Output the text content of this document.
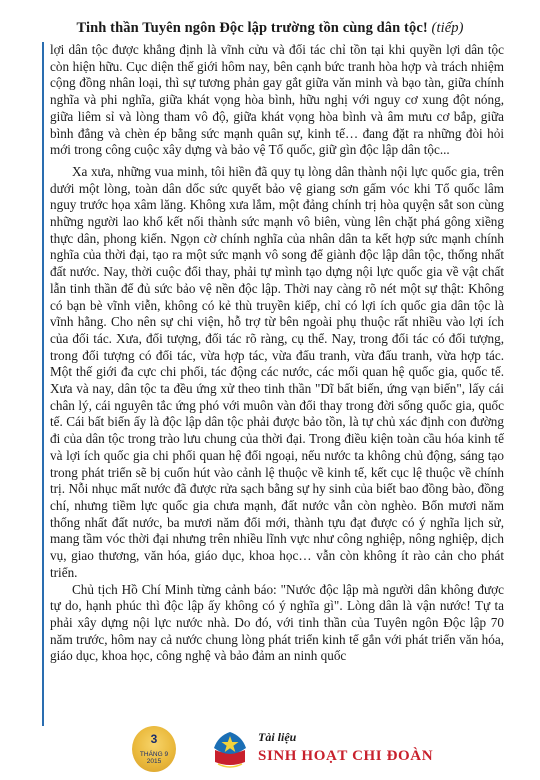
Tinh thần Tuyên ngôn Độc lập trường tồn cùng dân tộc! (tiếp)

lợi dân tộc được khẳng định là vĩnh cửu và đối tác chỉ tồn tại khi quyền lợi dân tộc còn hiện hữu. Cục diện thế giới hôm nay, bên cạnh bức tranh hòa hợp và trách nhiệm cộng đồng nhân loại, thì sự tương phản gay gắt giữa văn minh và bạo tàn, giữa chính nghĩa và phi nghĩa, giữa khát vọng hòa bình, hữu nghị với nguy cơ xung đột nóng, giữa liêm sỉ và lòng tham vô độ, giữa khát vọng hòa bình và âm mưu cơ bắp, giữa bình đẳng và chèn ép bằng sức mạnh quân sự, kinh tế… đang đặt ra những đòi hỏi mới trong công cuộc xây dựng và bảo vệ Tổ quốc, giữ gìn độc lập dân tộc...

Xa xưa, những vua minh, tôi hiền đã quy tụ lòng dân thành nội lực quốc gia, trên dưới một lòng, toàn dân dốc sức quyết bảo vệ giang sơn gấm vóc khi Tổ quốc lâm nguy trước họa xâm lăng. Không xưa lắm, một đảng chính trị hòa quyện sắt son cùng những người lao khổ kết nối thành sức mạnh vô biên, vùng lên chặt phá gông xiềng thực dân, phong kiến. Ngọn cờ chính nghĩa của nhân dân ta kết hợp sức mạnh chính nghĩa của thời đại, tạo ra một sức mạnh vô song để giành độc lập dân tộc, thống nhất đất nước. Nay, thời cuộc đổi thay, phải tự mình tạo dựng nội lực quốc gia về vật chất lẫn tinh thần để đủ sức bảo vệ nền độc lập. Thời nay càng rõ nét một sự thật: Không có bạn bè vĩnh viễn, không có kẻ thù truyền kiếp, chỉ có lợi ích quốc gia dân tộc là vĩnh hằng. Cho nên sự chi viện, hỗ trợ từ bên ngoài phụ thuộc rất nhiều vào lợi ích của đối tác. Xưa, đối tượng, đối tác rõ ràng, cụ thể. Nay, trong đối tác có đối tượng, trong đối tượng có đối tác, vừa hợp tác, vừa đấu tranh, vừa đấu tranh, vừa hợp tác. Một thế giới đa cực chi phối, tác động các nước, các mối quan hệ quốc gia, quốc tế. Xưa và nay, dân tộc ta đều ứng xử theo tinh thần "Dĩ bất biến, ứng vạn biến", lấy cái chân lý, cái nguyên tắc ứng phó với muôn vàn đổi thay trong đời sống quốc gia, quốc tế. Cái bất biến ấy là độc lập dân tộc phải được bảo tồn, là tự chủ xác định con đường đi của dân tộc trong trào lưu chung của thời đại. Trong điều kiện toàn cầu hóa kinh tế và lợi ích quốc gia chi phối quan hệ đối ngoại, nếu nước ta không chủ động, sáng tạo trong phát triển sẽ bị cuốn hút vào cảnh lệ thuộc về kinh tế, kết cục lệ thuộc về chính trị. Nỗi nhục mất nước đã được rửa sạch bằng sự hy sinh của biết bao đồng bào, đồng chí, nhưng tiềm lực quốc gia chưa mạnh, đất nước vẫn còn nghèo. Bốn mươi năm thống nhất đất nước, ba mươi năm đổi mới, thành tựu đạt được có ý nghĩa lịch sử, mang tầm vóc thời đại nhưng trên nhiều lĩnh vực như công nghiệp, nông nghiệp, dịch vụ, giao thương, văn hóa, giáo dục, khoa học… vẫn còn không ít rào cản cho phát triển.

Chủ tịch Hồ Chí Minh từng cảnh báo: "Nước độc lập mà người dân không được tự do, hạnh phúc thì độc lập ấy không có ý nghĩa gì". Lòng dân là vận nước! Tự ta phải xây dựng nội lực nước nhà. Do đó, với tinh thần của Tuyên ngôn Độc lập 70 năm trước, hôm nay cả nước chung lòng phát triển kinh tế gắn với phát triển văn hóa, giáo dục, khoa học, công nghệ và bảo đảm an ninh quốc

3
THÁNG 9
2015
Tài liệu
SINH HOẠT CHI ĐOÀN
